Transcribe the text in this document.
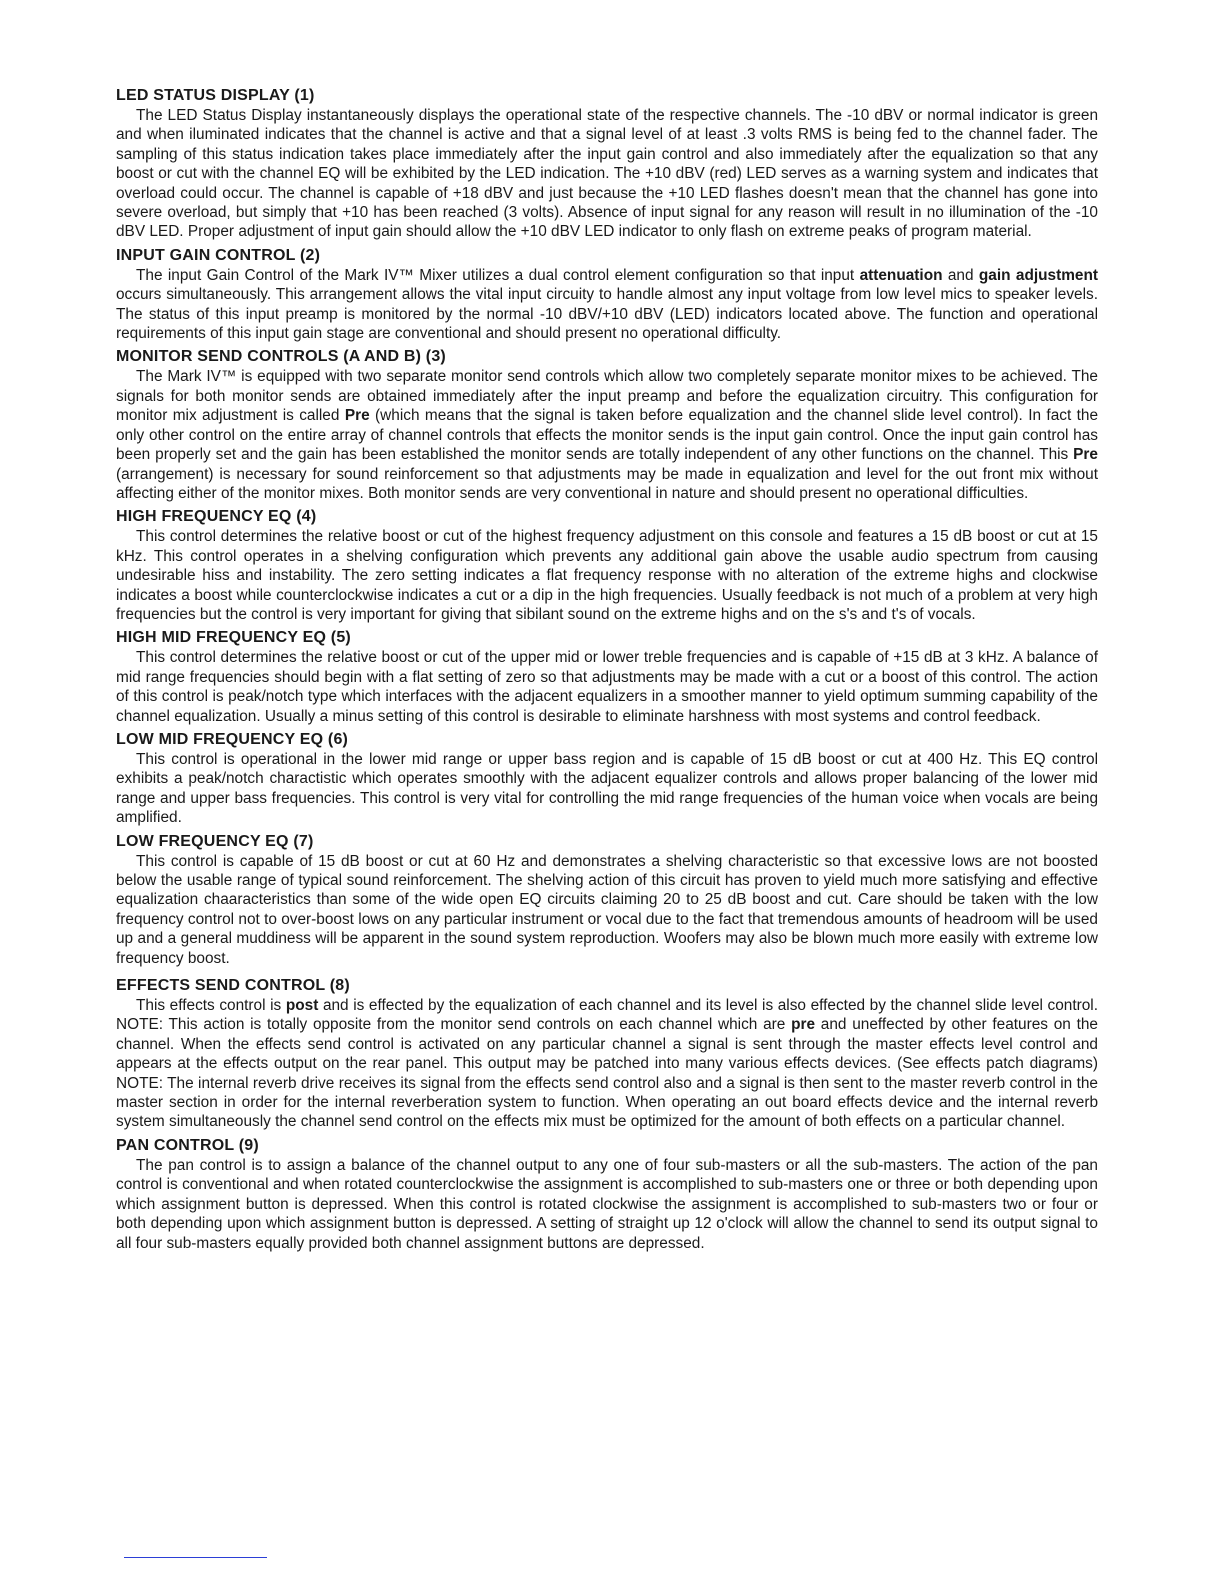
LED STATUS DISPLAY (1)

The LED Status Display instantaneously displays the operational state of the respective channels. The -10 dBV or normal indicator is green and when iluminated indicates that the channel is active and that a signal level of at least .3 volts RMS is being fed to the channel fader. The sampling of this status indication takes place immediately after the input gain control and also immediately after the equalization so that any boost or cut with the channel EQ will be exhibited by the LED indication. The +10 dBV (red) LED serves as a warning system and indicates that overload could occur. The channel is capable of +18 dBV and just because the +10 LED flashes doesn't mean that the channel has gone into severe overload, but simply that +10 has been reached (3 volts). Absence of input signal for any reason will result in no illumination of the -10 dBV LED. Proper adjustment of input gain should allow the +10 dBV LED indicator to only flash on extreme peaks of program material.

INPUT GAIN CONTROL (2)

The input Gain Control of the Mark IV™ Mixer utilizes a dual control element configuration so that input attenuation and gain adjustment occurs simultaneously. This arrangement allows the vital input circuity to handle almost any input voltage from low level mics to speaker levels. The status of this input preamp is monitored by the normal -10 dBV/+10 dBV (LED) indicators located above. The function and operational requirements of this input gain stage are conventional and should present no operational difficulty.

MONITOR SEND CONTROLS (A AND B) (3)

The Mark IV™ is equipped with two separate monitor send controls which allow two completely separate monitor mixes to be achieved. The signals for both monitor sends are obtained immediately after the input preamp and before the equalization circuitry. This configuration for monitor mix adjustment is called Pre (which means that the signal is taken before equalization and the channel slide level control). In fact the only other control on the entire array of channel controls that effects the monitor sends is the input gain control. Once the input gain control has been properly set and the gain has been established the monitor sends are totally independent of any other functions on the channel. This Pre (arrangement) is necessary for sound reinforcement so that adjustments may be made in equalization and level for the out front mix without affecting either of the monitor mixes. Both monitor sends are very conventional in nature and should present no operational difficulties.

HIGH FREQUENCY EQ (4)

This control determines the relative boost or cut of the highest frequency adjustment on this console and features a 15 dB boost or cut at 15 kHz. This control operates in a shelving configuration which prevents any additional gain above the usable audio spectrum from causing undesirable hiss and instability. The zero setting indicates a flat frequency response with no alteration of the extreme highs and clockwise indicates a boost while counterclockwise indicates a cut or a dip in the high frequencies. Usually feedback is not much of a problem at very high frequencies but the control is very important for giving that sibilant sound on the extreme highs and on the s's and t's of vocals.

HIGH MID FREQUENCY EQ (5)

This control determines the relative boost or cut of the upper mid or lower treble frequencies and is capable of +15 dB at 3 kHz. A balance of mid range frequencies should begin with a flat setting of zero so that adjustments may be made with a cut or a boost of this control. The action of this control is peak/notch type which interfaces with the adjacent equalizers in a smoother manner to yield optimum summing capability of the channel equalization. Usually a minus setting of this control is desirable to eliminate harshness with most systems and control feedback.

LOW MID FREQUENCY EQ (6)

This control is operational in the lower mid range or upper bass region and is capable of 15 dB boost or cut at 400 Hz. This EQ control exhibits a peak/notch charactistic which operates smoothly with the adjacent equalizer controls and allows proper balancing of the lower mid range and upper bass frequencies. This control is very vital for controlling the mid range frequencies of the human voice when vocals are being amplified.

LOW FREQUENCY EQ (7)

This control is capable of 15 dB boost or cut at 60 Hz and demonstrates a shelving characteristic so that excessive lows are not boosted below the usable range of typical sound reinforcement. The shelving action of this circuit has proven to yield much more satisfying and effective equalization chaaracteristics than some of the wide open EQ circuits claiming 20 to 25 dB boost and cut. Care should be taken with the low frequency control not to over-boost lows on any particular instrument or vocal due to the fact that tremendous amounts of headroom will be used up and a general muddiness will be apparent in the sound system reproduction. Woofers may also be blown much more easily with extreme low frequency boost.

EFFECTS SEND CONTROL (8)

This effects control is post and is effected by the equalization of each channel and its level is also effected by the channel slide level control. NOTE: This action is totally opposite from the monitor send controls on each channel which are pre and uneffected by other features on the channel. When the effects send control is activated on any particular channel a signal is sent through the master effects level control and appears at the effects output on the rear panel. This output may be patched into many various effects devices. (See effects patch diagrams) NOTE: The internal reverb drive receives its signal from the effects send control also and a signal is then sent to the master reverb control in the master section in order for the internal reverberation system to function. When operating an out board effects device and the internal reverb system simultaneously the channel send control on the effects mix must be optimized for the amount of both effects on a particular channel.

PAN CONTROL (9)

The pan control is to assign a balance of the channel output to any one of four sub-masters or all the sub-masters. The action of the pan control is conventional and when rotated counterclockwise the assignment is accomplished to sub-masters one or three or both depending upon which assignment button is depressed. When this control is rotated clockwise the assignment is accomplished to sub-masters two or four or both depending upon which assignment button is depressed. A setting of straight up 12 o'clock will allow the channel to send its output signal to all four sub-masters equally provided both channel assignment buttons are depressed.
